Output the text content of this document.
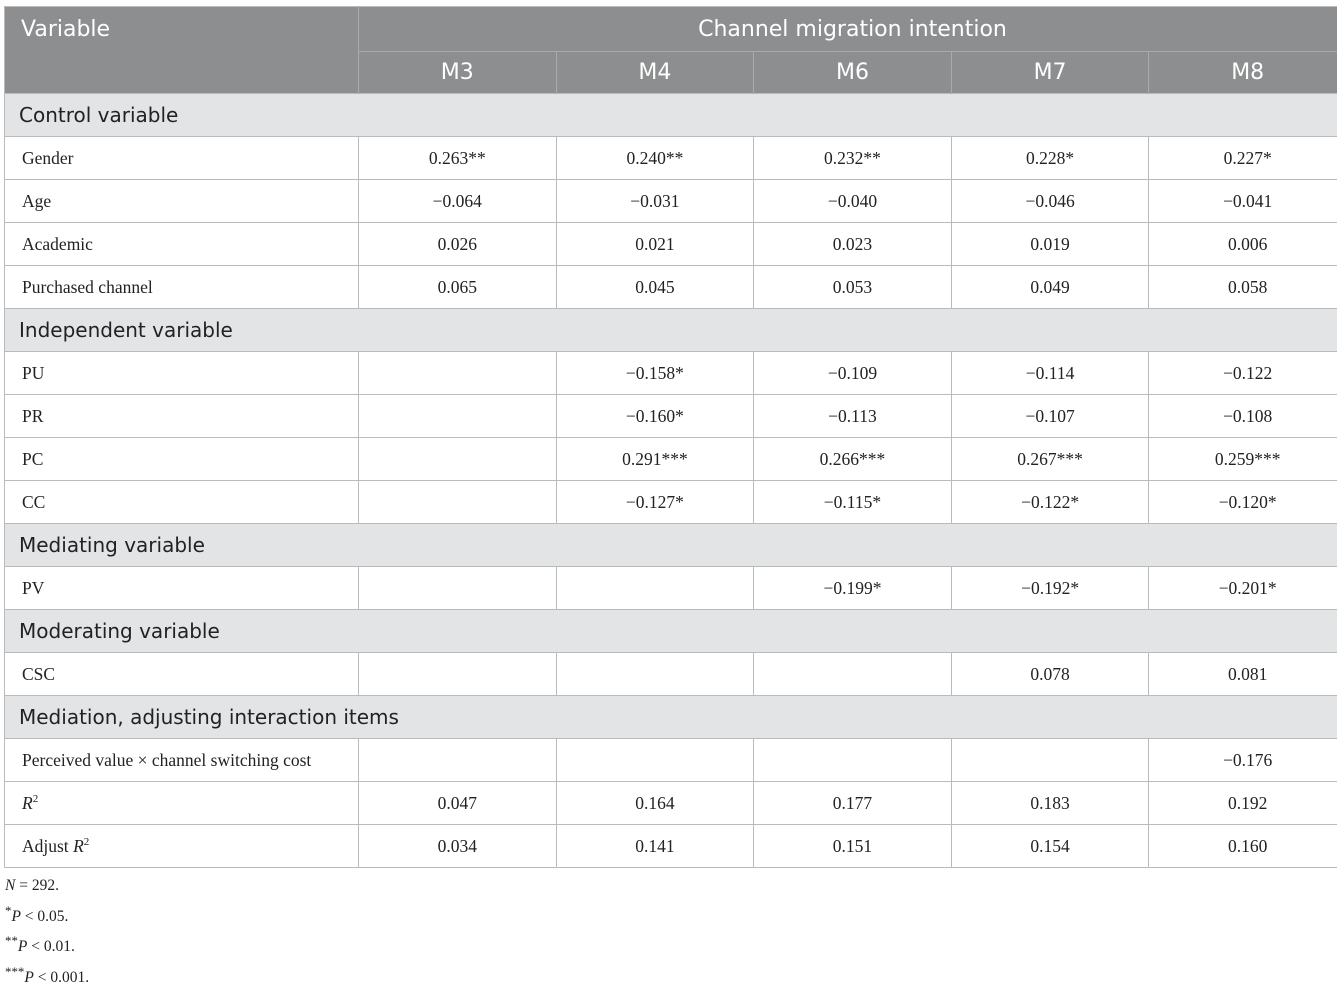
Variable	Channel migration intention				
	M3	M4	M6	M7	M8
Control variable					
Gender	0.263**	0.240**	0.232**	0.228*	0.227*
Age	−0.064	−0.031	−0.040	−0.046	−0.041
Academic	0.026	0.021	0.023	0.019	0.006
Purchased channel	0.065	0.045	0.053	0.049	0.058
Independent variable					
PU		−0.158*	−0.109	−0.114	−0.122
PR		−0.160*	−0.113	−0.107	−0.108
PC		0.291***	0.266***	0.267***	0.259***
CC		−0.127*	−0.115*	−0.122*	−0.120*
Mediating variable					
PV			−0.199*	−0.192*	−0.201*
Moderating variable					
CSC				0.078	0.081
Mediation, adjusting interaction items					
Perceived value × channel switching cost					−0.176
$R^2$	0.047	0.164	0.177	0.183	0.192
Adjust $R^2$	0.034	0.141	0.151	0.154	0.160
N = 292.
*P < 0.05.
**P < 0.01.
***P < 0.001.
